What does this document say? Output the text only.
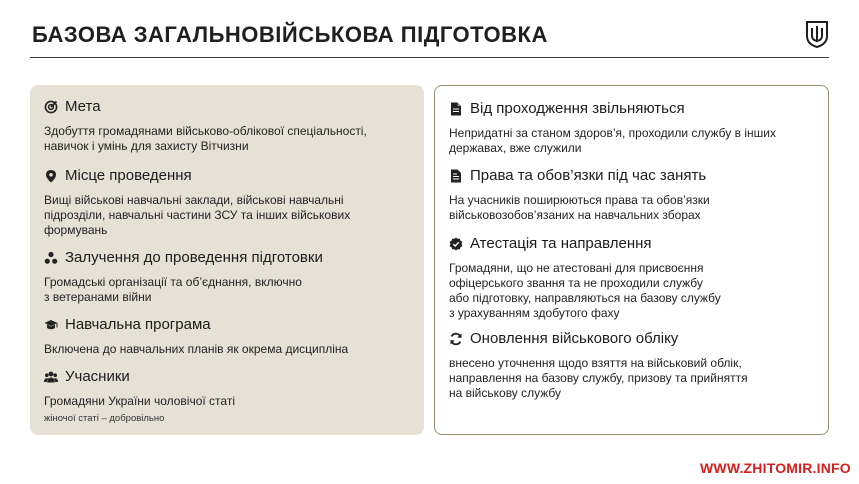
БАЗОВА ЗАГАЛЬНОВІЙСЬКОВА ПІДГОТОВКА
Мета
Здобуття громадянами військово-облікової спеціальності,
навичок і умінь для захисту Вітчизни
Місце проведення
Вищі військові навчальні заклади, військові навчальні
підрозділи, навчальні частини ЗСУ та інших військових
формувань
Залучення до проведення підготовки
Громадські організації та об’єднання, включно
з ветеранами війни
Навчальна програма
Включена до навчальних планів як окрема дисципліна
Учасники
Громадяни України чоловічої статі
жіночої статі – добровільно
Від проходження звільняються
Непридатні за станом здоров’я, проходили службу в інших
державах, вже служили
Права та обов’язки під час занять
На учасників поширюються права та обов’язки
військовозобов’язаних на навчальних зборах
Атестація та направлення
Громадяни, що не атестовані для присвоєння
офіцерського звання та не проходили службу
або підготовку, направляються на базову службу
з урахуванням здобутого фаху
Оновлення військового обліку
внесено уточнення щодо взяття на військовий облік,
направлення на базову службу, призову та прийняття
на військову службу
WWW.ZHITOMIR.INFO
